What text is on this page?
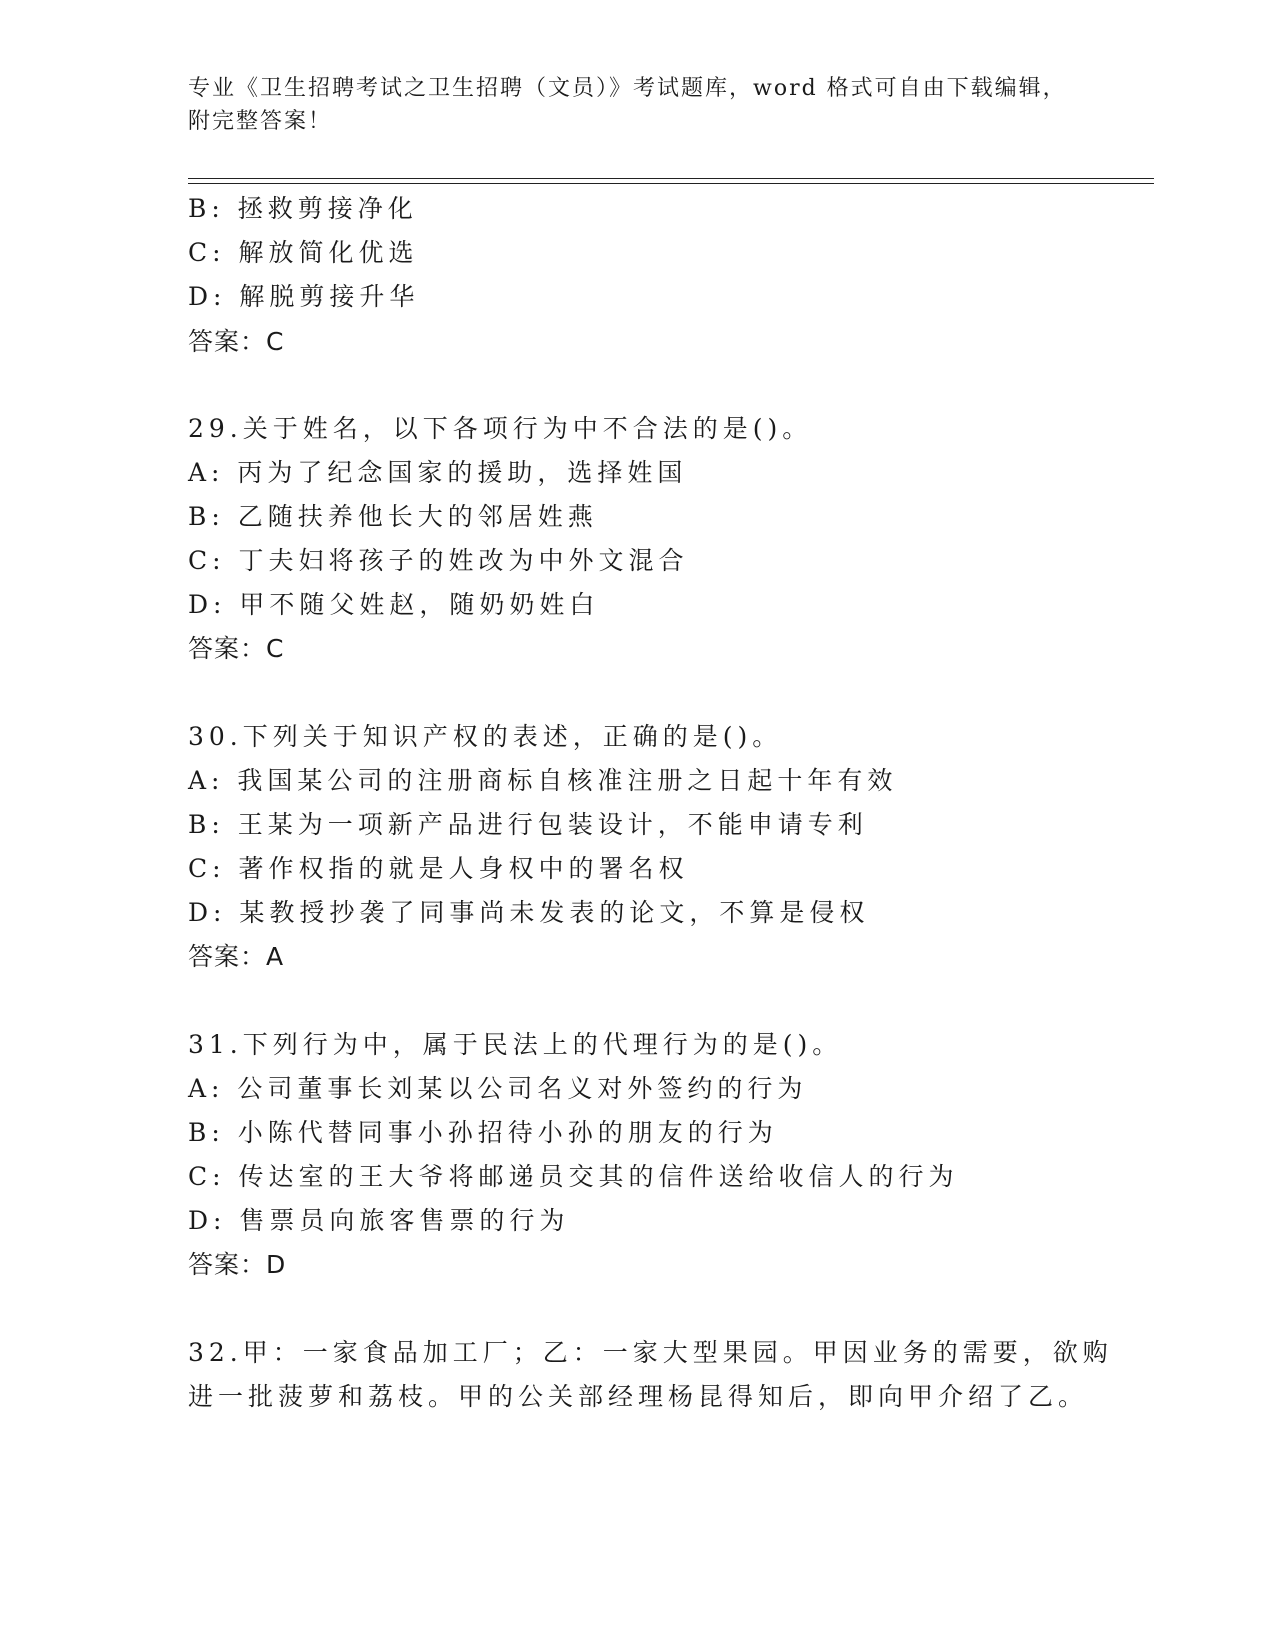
专业《卫生招聘考试之卫生招聘（文员）》考试题库，word 格式可自由下载编辑，附完整答案！
B: 拯救剪接净化
C: 解放简化优选
D: 解脱剪接升华
答案：C
29.关于姓名，以下各项行为中不合法的是()。
A: 丙为了纪念国家的援助，选择姓国
B: 乙随扶养他长大的邻居姓燕
C: 丁夫妇将孩子的姓改为中外文混合
D: 甲不随父姓赵，随奶奶姓白
答案：C
30.下列关于知识产权的表述，正确的是()。
A: 我国某公司的注册商标自核准注册之日起十年有效
B: 王某为一项新产品进行包装设计，不能申请专利
C: 著作权指的就是人身权中的署名权
D: 某教授抄袭了同事尚未发表的论文，不算是侵权
答案：A
31.下列行为中，属于民法上的代理行为的是()。
A: 公司董事长刘某以公司名义对外签约的行为
B: 小陈代替同事小孙招待小孙的朋友的行为
C: 传达室的王大爷将邮递员交其的信件送给收信人的行为
D: 售票员向旅客售票的行为
答案：D
32.甲：一家食品加工厂；乙：一家大型果园。甲因业务的需要，欲购
进一批菠萝和荔枝。甲的公关部经理杨昆得知后，即向甲介绍了乙。
